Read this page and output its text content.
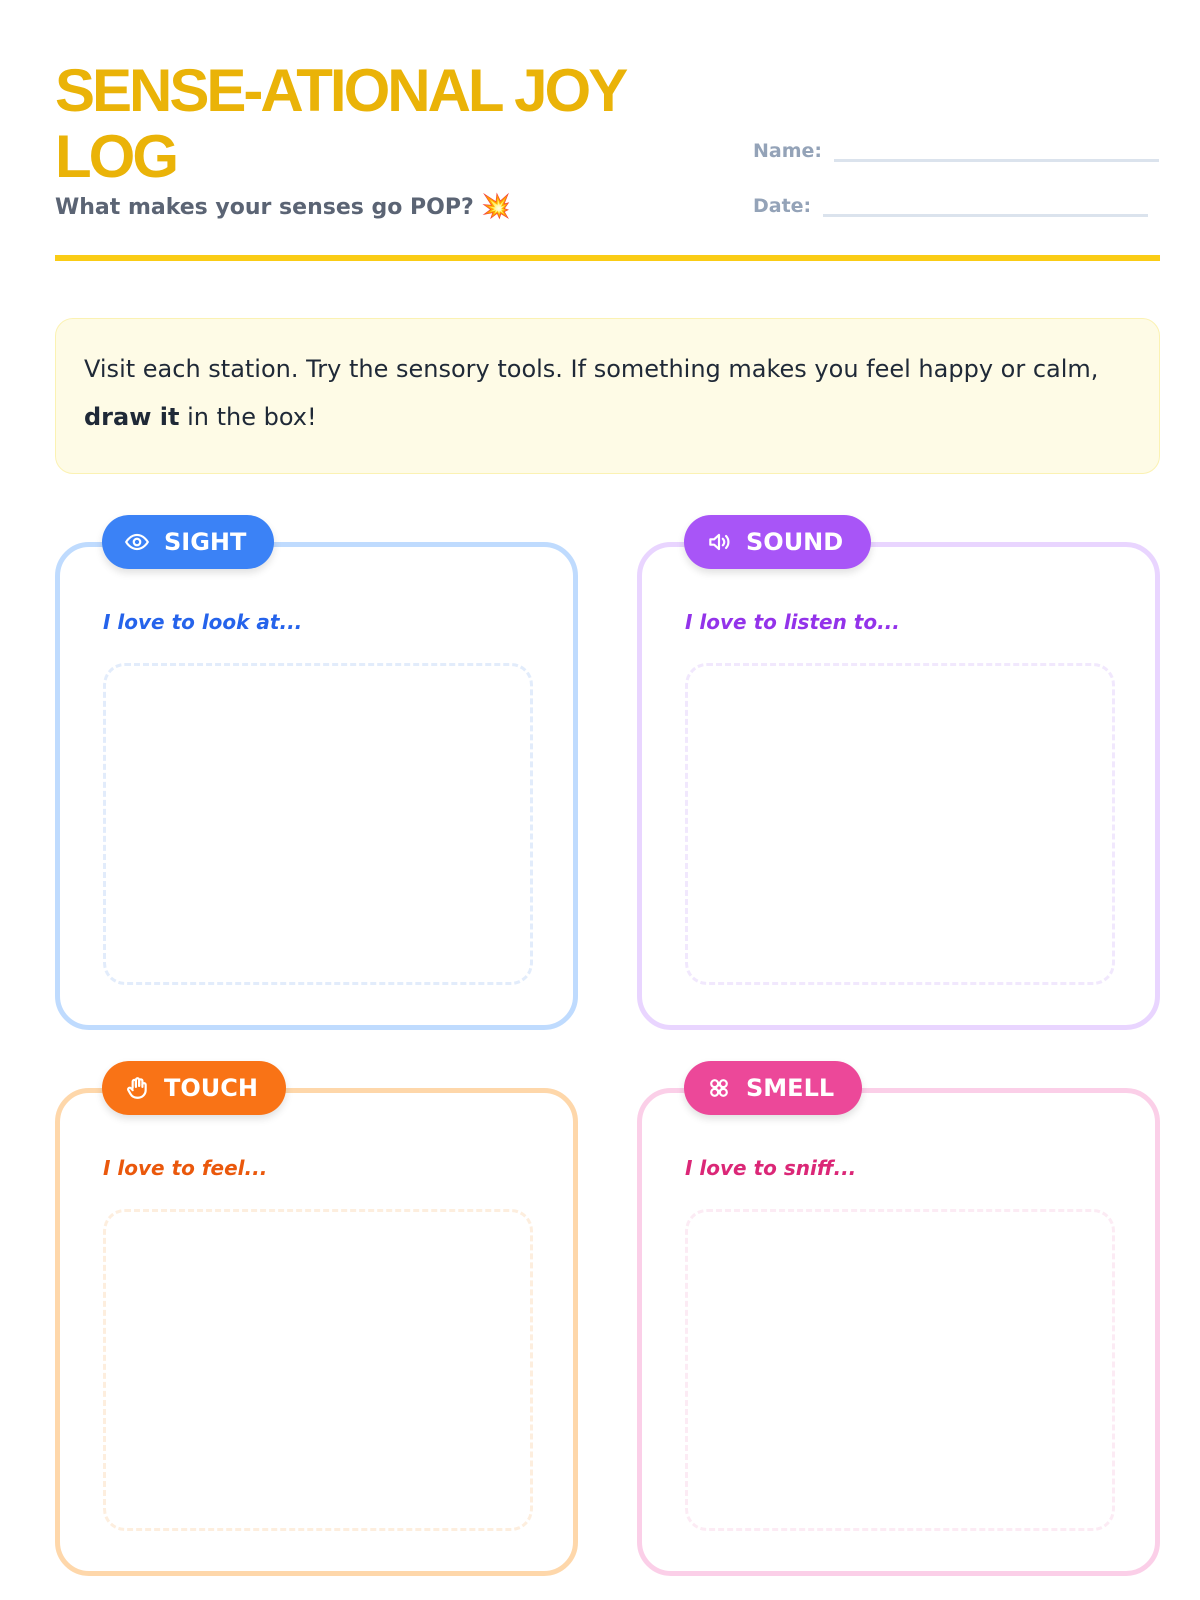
SENSE-ATIONAL JOY LOG
What makes your senses go POP? 💥
Name:
Date:
Visit each station. Try the sensory tools. If something makes you feel happy or calm, draw it in the box!
SIGHT
I love to look at...
SOUND
I love to listen to...
TOUCH
I love to feel...
SMELL
I love to sniff...
